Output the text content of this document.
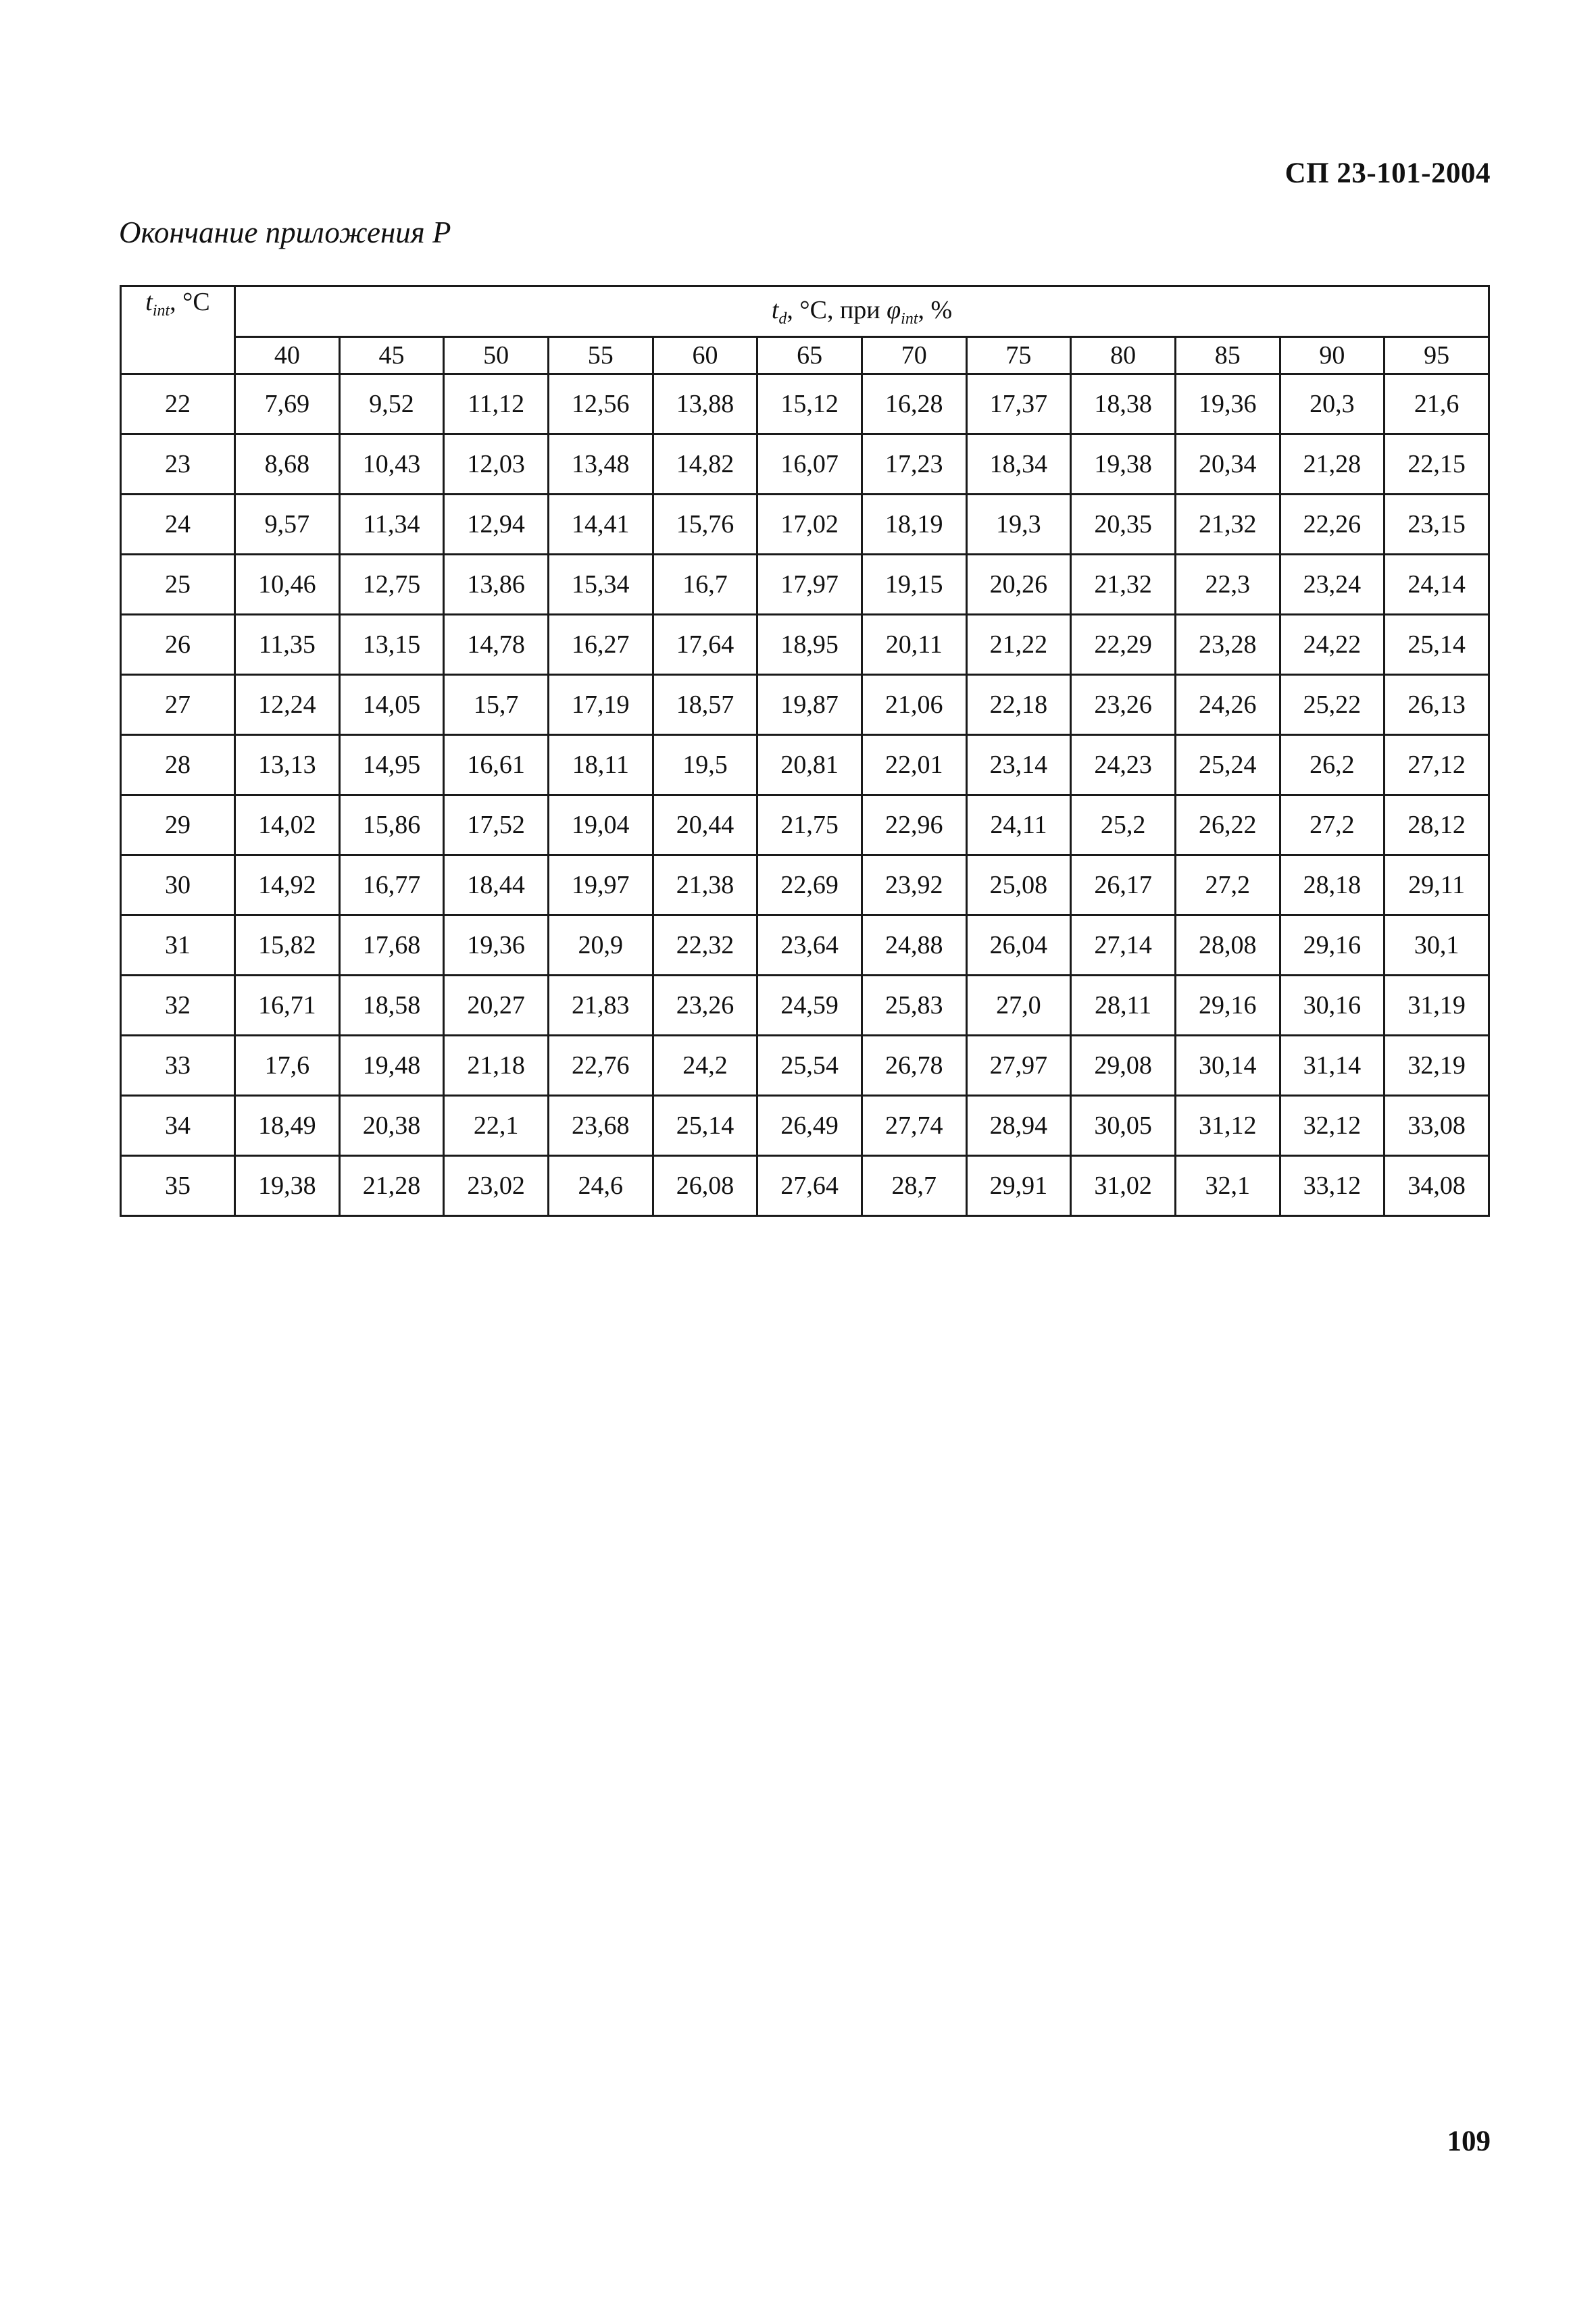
СП 23-101-2004
Окончание приложения Р
$t_{int}$, °С	$t_d$, °С, при $\varphi_{int}$, %											
	40	45	50	55	60	65	70	75	80	85	90	95
22	7,69	9,52	11,12	12,56	13,88	15,12	16,28	17,37	18,38	19,36	20,3	21,6
23	8,68	10,43	12,03	13,48	14,82	16,07	17,23	18,34	19,38	20,34	21,28	22,15
24	9,57	11,34	12,94	14,41	15,76	17,02	18,19	19,3	20,35	21,32	22,26	23,15
25	10,46	12,75	13,86	15,34	16,7	17,97	19,15	20,26	21,32	22,3	23,24	24,14
26	11,35	13,15	14,78	16,27	17,64	18,95	20,11	21,22	22,29	23,28	24,22	25,14
27	12,24	14,05	15,7	17,19	18,57	19,87	21,06	22,18	23,26	24,26	25,22	26,13
28	13,13	14,95	16,61	18,11	19,5	20,81	22,01	23,14	24,23	25,24	26,2	27,12
29	14,02	15,86	17,52	19,04	20,44	21,75	22,96	24,11	25,2	26,22	27,2	28,12
30	14,92	16,77	18,44	19,97	21,38	22,69	23,92	25,08	26,17	27,2	28,18	29,11
31	15,82	17,68	19,36	20,9	22,32	23,64	24,88	26,04	27,14	28,08	29,16	30,1
32	16,71	18,58	20,27	21,83	23,26	24,59	25,83	27,0	28,11	29,16	30,16	31,19
33	17,6	19,48	21,18	22,76	24,2	25,54	26,78	27,97	29,08	30,14	31,14	32,19
34	18,49	20,38	22,1	23,68	25,14	26,49	27,74	28,94	30,05	31,12	32,12	33,08
35	19,38	21,28	23,02	24,6	26,08	27,64	28,7	29,91	31,02	32,1	33,12	34,08
109
